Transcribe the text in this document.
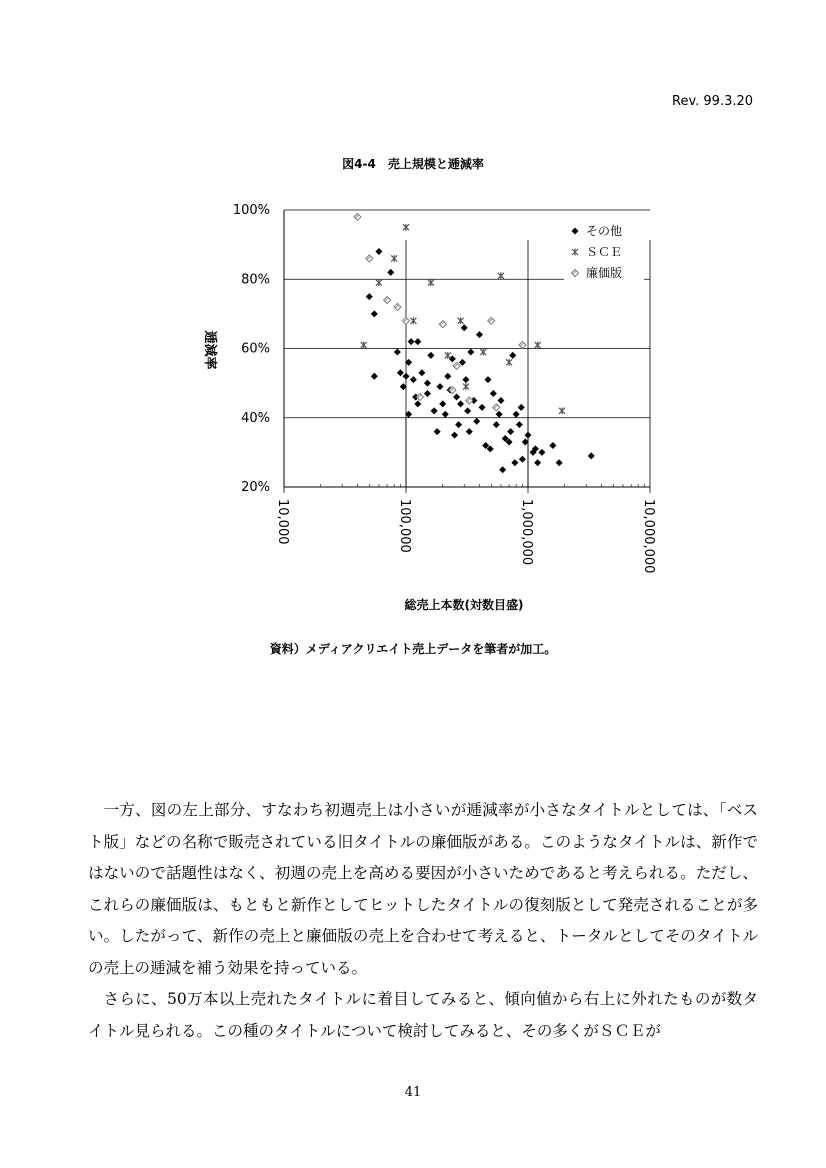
Rev. 99.3.20
図4-4　売上規模と逓減率
20%
40%
60%
80%
100%
10,000	100,000	1,000,000	10,000,000
その他
ＳＣＥ
廉価版
逓減率
総売上本数(対数目盛)
資料）メディアクリエイト売上データを筆者が加工。

一方、図の左上部分、すなわち初週売上は小さいが逓減率が小さなタイトルとしては、「ベスト版」などの名称で販売されている旧タイトルの廉価版がある。このようなタイトルは、新作ではないので話題性はなく、初週の売上を高める要因が小さいためであると考えられる。ただし、これらの廉価版は、もともと新作としてヒットしたタイトルの復刻版として発売されることが多い。したがって、新作の売上と廉価版の売上を合わせて考えると、トータルとしてそのタイトルの売上の逓減を補う効果を持っている。

さらに、50万本以上売れたタイトルに着目してみると、傾向値から右上に外れたものが数タイトル見られる。この種のタイトルについて検討してみると、その多くがＳＣＥが

41
